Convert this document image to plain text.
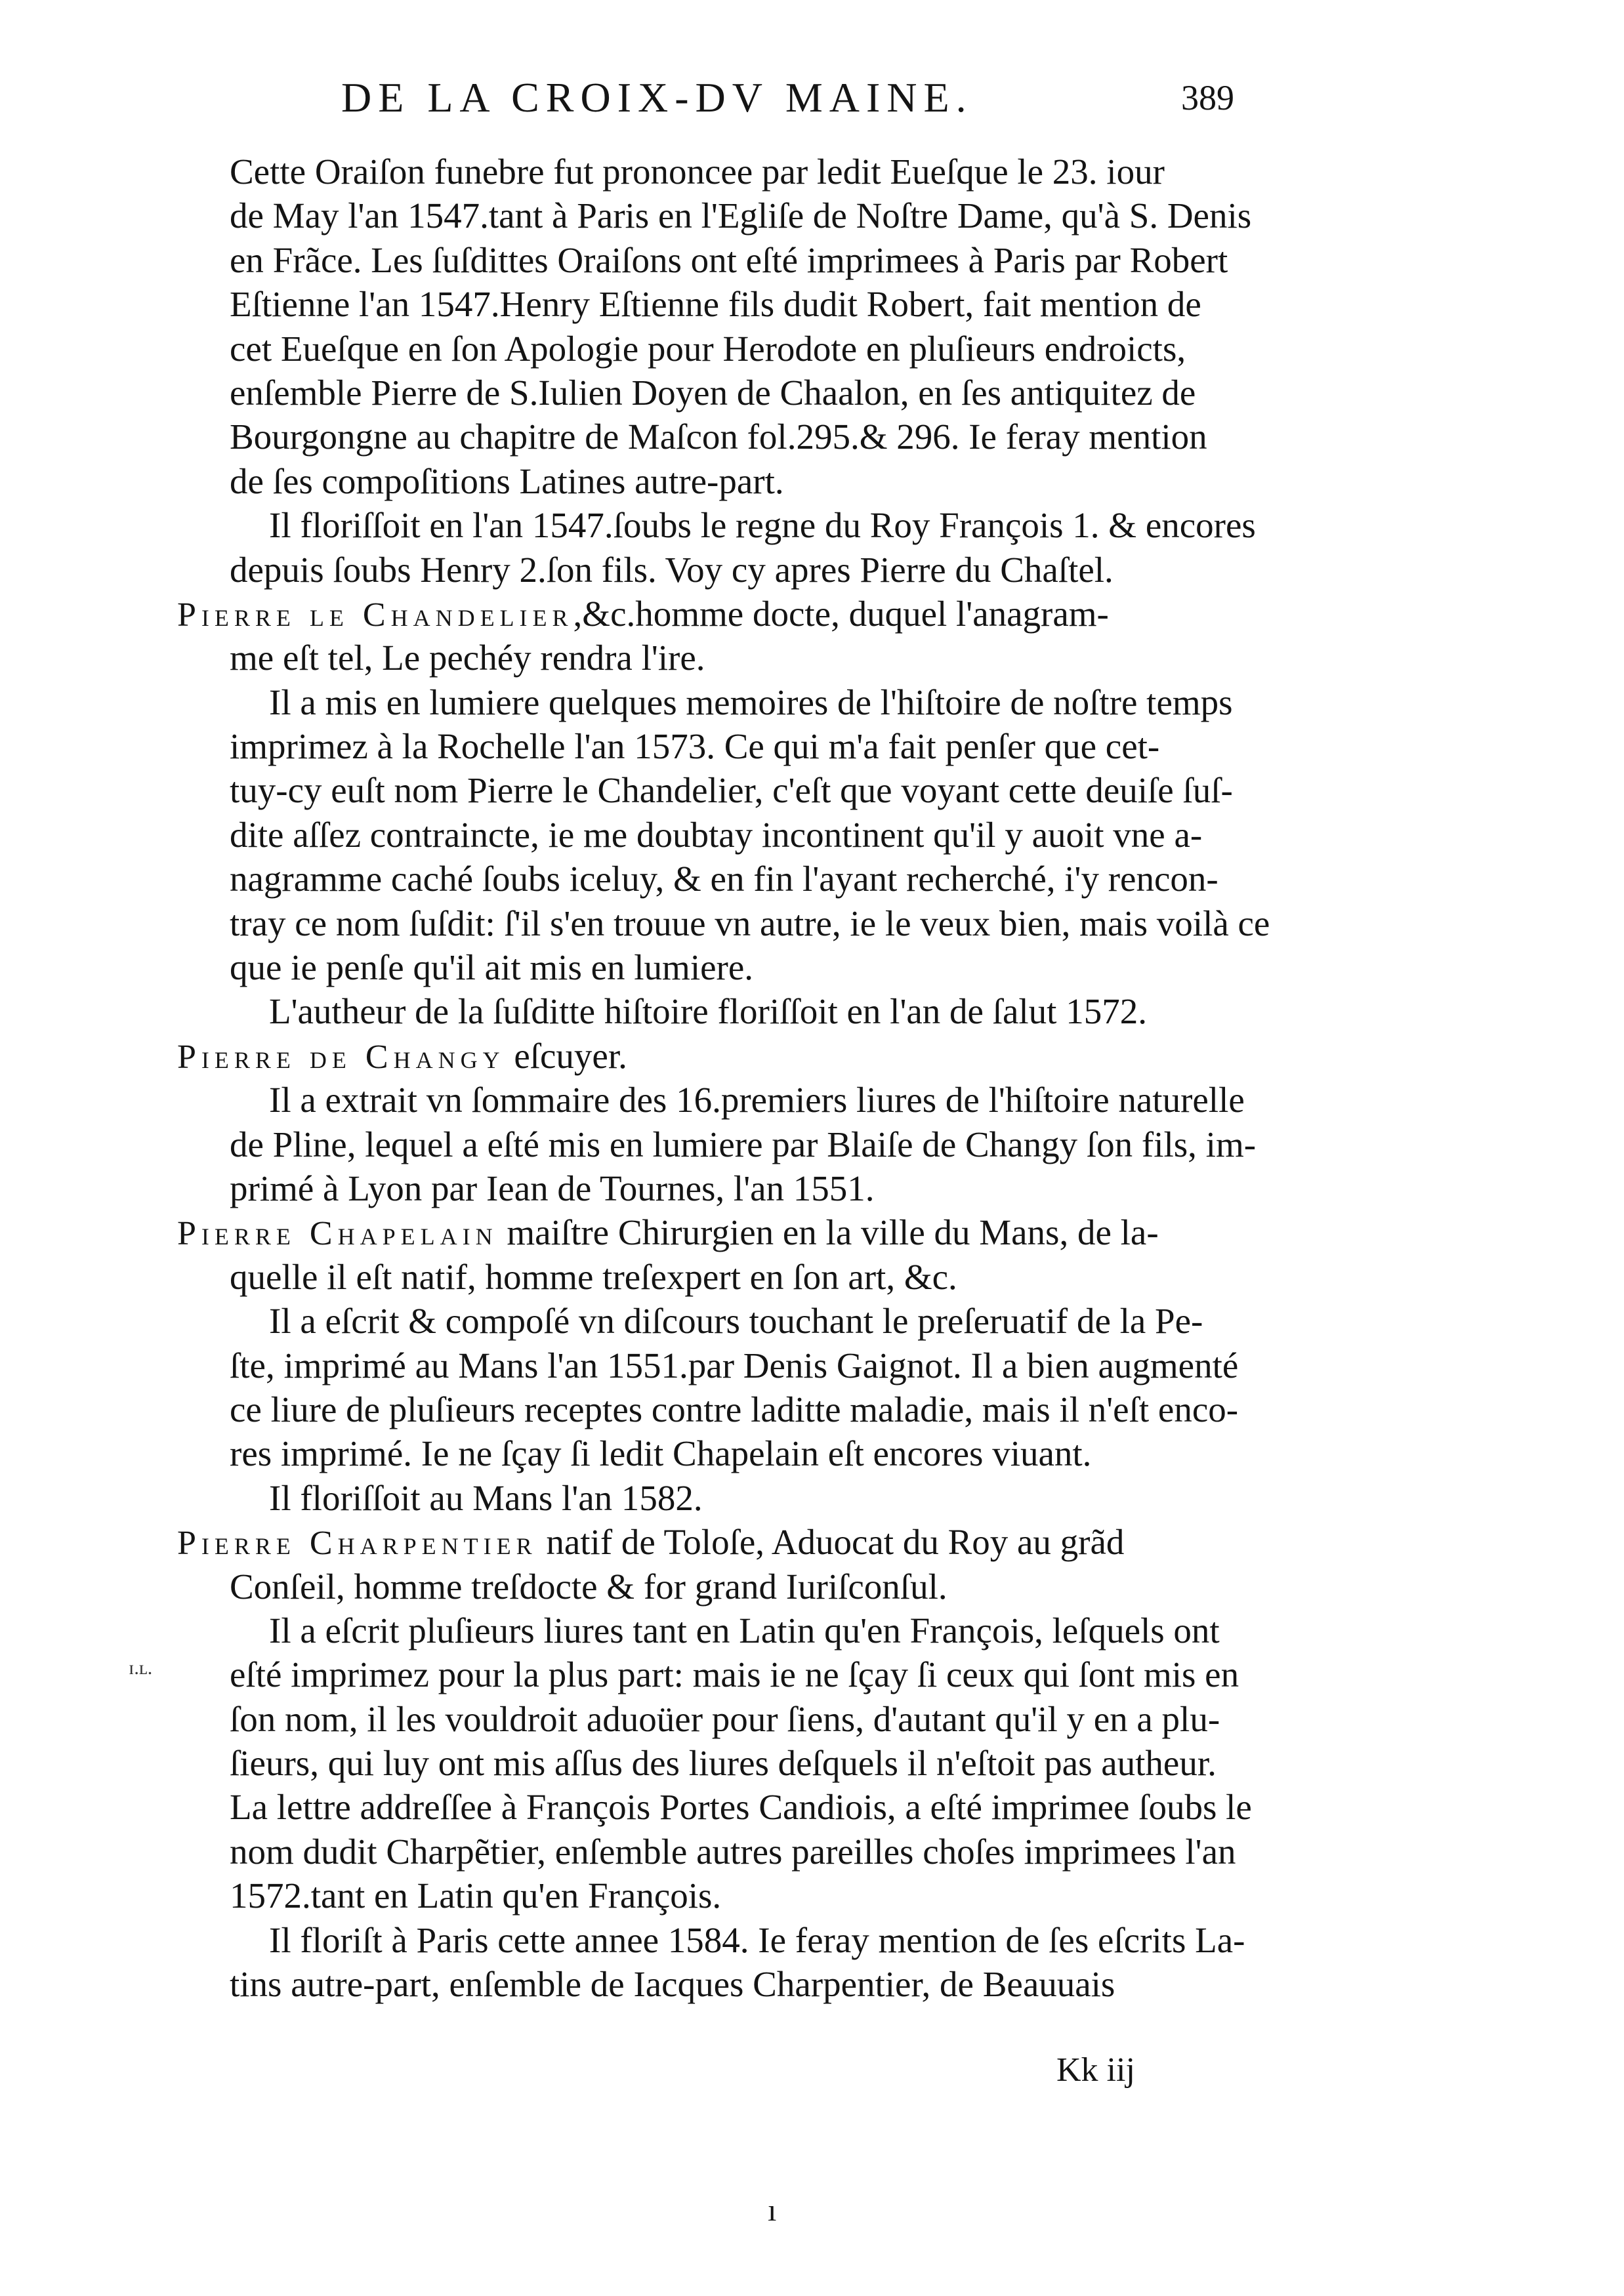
DE LA CROIX-DV MAINE.	389
Cette Oraiſon funebre fut prononcee par ledit Eueſque le 23. iour
de May l'an 1547.tant à Paris en l'Egliſe de Noſtre Dame, qu'à S. Denis
en Frãce. Les ſuſdittes Oraiſons ont eſté imprimees à Paris par Robert
Eſtienne l'an 1547.Henry Eſtienne fils dudit Robert, fait mention de
cet Eueſque en ſon Apologie pour Herodote en pluſieurs endroicts,
enſemble Pierre de S.Iulien Doyen de Chaalon, en ſes antiquitez de
Bourgongne au chapitre de Maſcon fol.295.& 296. Ie feray mention
de ſes compoſitions Latines autre-part.
Il floriſſoit en l'an 1547.ſoubs le regne du Roy François 1. & encores
depuis ſoubs Henry 2.ſon fils. Voy cy apres Pierre du Chaſtel.
Pierre le Chandelier,&c.homme docte, duquel l'anagram-
me eſt tel, Le pechéy rendra l'ire.
Il a mis en lumiere quelques memoires de l'hiſtoire de noſtre temps
imprimez à la Rochelle l'an 1573. Ce qui m'a fait penſer que cet-
tuy-cy euſt nom Pierre le Chandelier, c'eſt que voyant cette deuiſe ſuſ-
dite aſſez contraincte, ie me doubtay incontinent qu'il y auoit vne a-
nagramme caché ſoubs iceluy, & en fin l'ayant recherché, i'y rencon-
tray ce nom ſuſdit: ſ'il s'en trouue vn autre, ie le veux bien, mais voilà ce
que ie penſe qu'il ait mis en lumiere.
L'autheur de la ſuſditte hiſtoire floriſſoit en l'an de ſalut 1572.
Pierre de Changy eſcuyer.
Il a extrait vn ſommaire des 16.premiers liures de l'hiſtoire naturelle
de Pline, lequel a eſté mis en lumiere par Blaiſe de Changy ſon fils, im-
primé à Lyon par Iean de Tournes, l'an 1551.
Pierre Chapelain maiſtre Chirurgien en la ville du Mans, de la-
quelle il eſt natif, homme treſexpert en ſon art, &c.
Il a eſcrit & compoſé vn diſcours touchant le preſeruatif de la Pe-
ſte, imprimé au Mans l'an 1551.par Denis Gaignot. Il a bien augmenté
ce liure de pluſieurs receptes contre laditte maladie, mais il n'eſt enco-
res imprimé. Ie ne ſçay ſi ledit Chapelain eſt encores viuant.
Il floriſſoit au Mans l'an 1582.
Pierre Charpentier natif de Toloſe, Aduocat du Roy au grãd
Conſeil, homme treſdocte & for grand Iuriſconſul.
Il a eſcrit pluſieurs liures tant en Latin qu'en François, leſquels ont
eſté imprimez pour la plus part: mais ie ne ſçay ſi ceux qui ſont mis en
ſon nom, il les vouldroit aduoüer pour ſiens, d'autant qu'il y en a plu-
ſieurs, qui luy ont mis aſſus des liures deſquels il n'eſtoit pas autheur.
La lettre addreſſee à François Portes Candiois, a eſté imprimee ſoubs le
nom dudit Charpẽtier, enſemble autres pareilles choſes imprimees l'an
1572.tant en Latin qu'en François.
Il floriſt à Paris cette annee 1584. Ie feray mention de ſes eſcrits La-
tins autre-part, enſemble de Iacques Charpentier, de Beauuais
ɪ.ʟ.
Kk iij
ı
